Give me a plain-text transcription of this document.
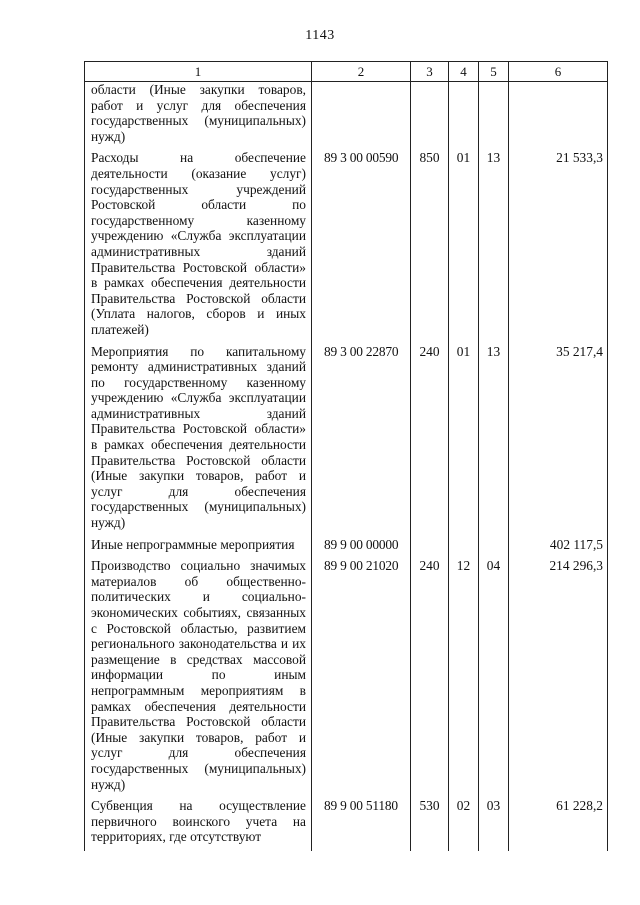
1143
1	2	3	4	5	6
области (Иные закупки товаров, работ и услуг для обеспечения государственных (муниципальных) нужд)					
Расходы на обеспечение деятельности (оказание услуг) государственных учреждений Ростовской области по государственному казенному учреждению «Служба эксплуатации административных зданий Правительства Ростовской области» в рамках обеспечения деятельности Правительства Ростовской области (Уплата налогов, сборов и иных платежей)	89 3 00 00590	850	01	13	21 533,3
Мероприятия по капитальному ремонту административных зданий по государственному казенному учреждению «Служба эксплуатации административных зданий Правительства Ростовской области» в рамках обеспечения деятельности Правительства Ростовской области (Иные закупки товаров, работ и услуг для обеспечения государственных (муниципальных) нужд)	89 3 00 22870	240	01	13	35 217,4
Иные непрограммные мероприятия	89 9 00 00000				402 117,5
Производство социально значимых материалов об общественно-политических и социально-экономических событиях, связанных с Ростовской областью, развитием регионального законодательства и их размещение в средствах массовой информации по иным непрограммным мероприятиям в рамках обеспечения деятельности Правительства Ростовской области (Иные закупки товаров, работ и услуг для обеспечения государственных (муниципальных) нужд)	89 9 00 21020	240	12	04	214 296,3
Субвенция на осуществление первичного воинского учета на территориях, где отсутствуют	89 9 00 51180	530	02	03	61 228,2
